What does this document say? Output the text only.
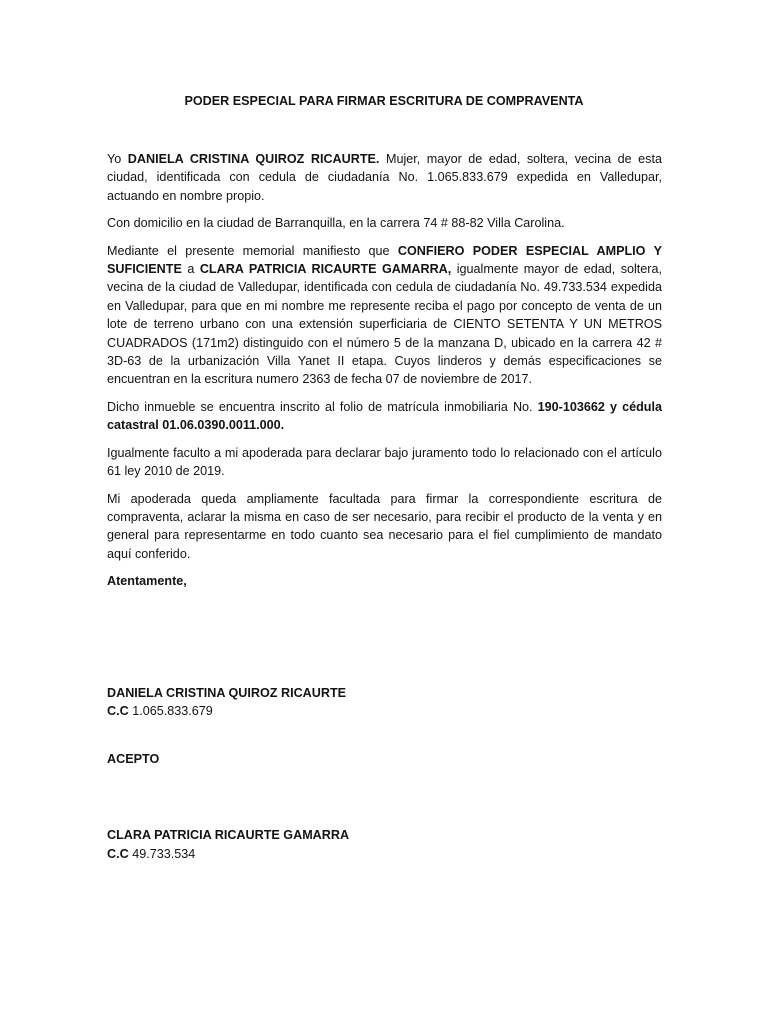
PODER ESPECIAL PARA FIRMAR ESCRITURA DE COMPRAVENTA

Yo DANIELA CRISTINA QUIROZ RICAURTE. Mujer, mayor de edad, soltera, vecina de esta ciudad, identificada con cedula de ciudadanía No. 1.065.833.679 expedida en Valledupar, actuando en nombre propio.

Con domicilio en la ciudad de Barranquilla, en la carrera 74 # 88-82 Villa Carolina.

Mediante el presente memorial manifiesto que CONFIERO PODER ESPECIAL AMPLIO Y SUFICIENTE a CLARA PATRICIA RICAURTE GAMARRA, igualmente mayor de edad, soltera, vecina de la ciudad de Valledupar, identificada con cedula de ciudadanía No. 49.733.534 expedida en Valledupar, para que en mi nombre me represente reciba el pago por concepto de venta de un lote de terreno urbano con una extensión superficiaria de CIENTO SETENTA Y UN METROS CUADRADOS (171m2) distinguido con el número 5 de la manzana D, ubicado en la carrera 42 # 3D-63 de la urbanización Villa Yanet II etapa. Cuyos linderos y demás especificaciones se encuentran en la escritura numero 2363 de fecha 07 de noviembre de 2017.

Dicho inmueble se encuentra inscrito al folio de matrícula inmobiliaria No. 190-103662 y cédula catastral 01.06.0390.0011.000.

Igualmente faculto a mi apoderada para declarar bajo juramento todo lo relacionado con el artículo 61 ley 2010 de 2019.

Mi apoderada queda ampliamente facultada para firmar la correspondiente escritura de compraventa, aclarar la misma en caso de ser necesario, para recibir el producto de la venta y en general para representarme en todo cuanto sea necesario para el fiel cumplimiento de mandato aquí conferido.

Atentamente,

DANIELA CRISTINA QUIROZ RICAURTE
C.C 1.065.833.679
ACEPTO
CLARA PATRICIA RICAURTE GAMARRA
C.C 49.733.534
